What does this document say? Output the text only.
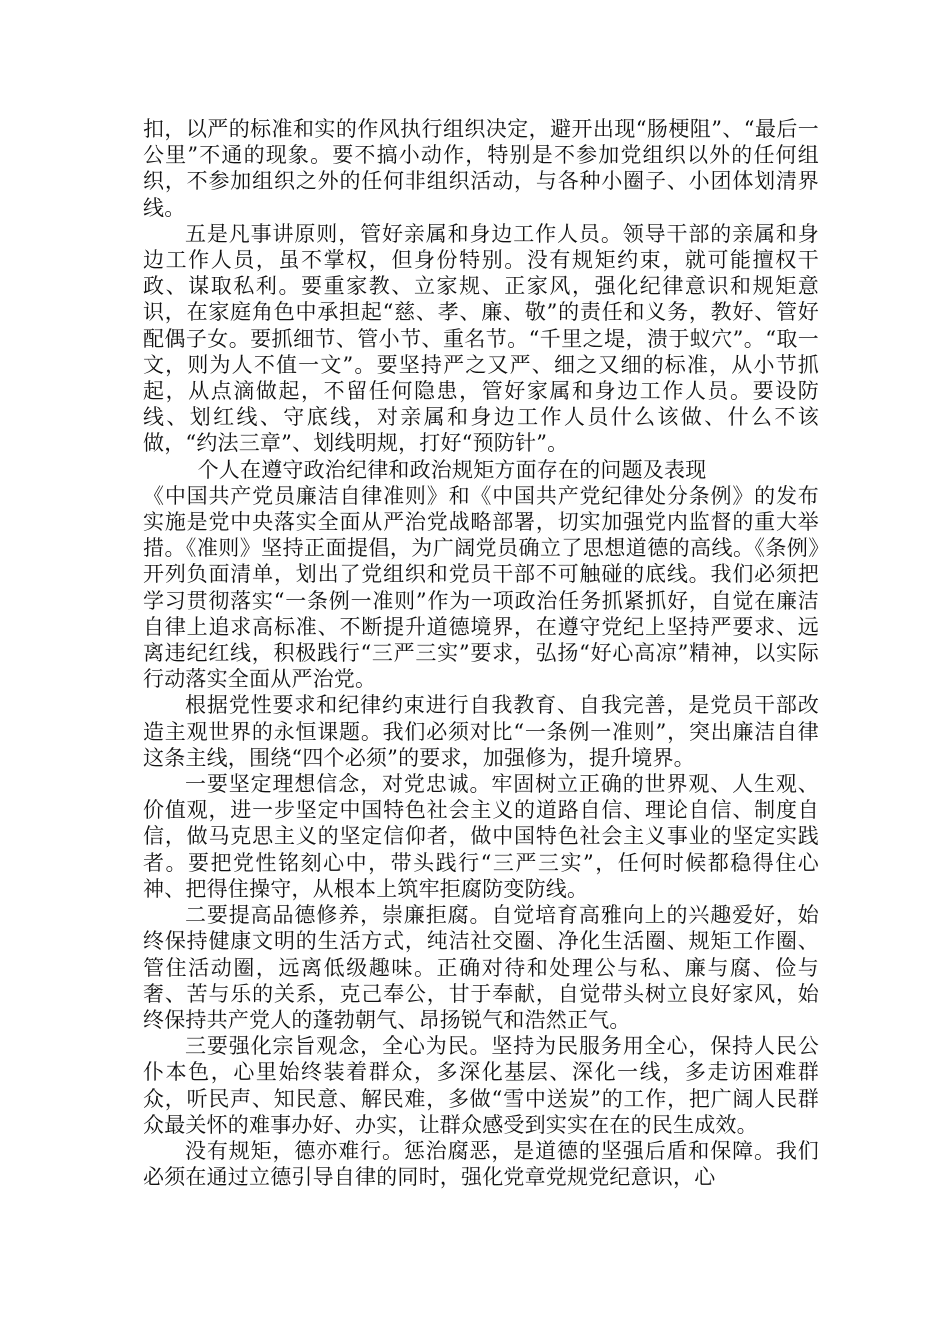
扣，以严的标准和实的作风执行组织决定，避开出现“肠梗阻”、“最后一公里”不通的现象。要不搞小动作，特别是不参加党组织以外的任何组织，不参加组织之外的任何非组织活动，与各种小圈子、小团体划清界线。

五是凡事讲原则，管好亲属和身边工作人员。领导干部的亲属和身边工作人员，虽不掌权，但身份特别。没有规矩约束，就可能擅权干政、谋取私利。要重家教、立家规、正家风，强化纪律意识和规矩意识，在家庭角色中承担起“慈、孝、廉、敬”的责任和义务，教好、管好配偶子女。要抓细节、管小节、重名节。“千里之堤，溃于蚁穴”。“取一文，则为人不值一文”。要坚持严之又严、细之又细的标准，从小节抓起，从点滴做起，不留任何隐患，管好家属和身边工作人员。要设防线、划红线、守底线，对亲属和身边工作人员什么该做、什么不该做，“约法三章”、划线明规，打好“预防针”。

个人在遵守政治纪律和政治规矩方面存在的问题及表现

《中国共产党员廉洁自律准则》和《中国共产党纪律处分条例》的发布实施是党中央落实全面从严治党战略部署，切实加强党内监督的重大举措。《准则》坚持正面提倡，为广阔党员确立了思想道德的高线。《条例》开列负面清单，划出了党组织和党员干部不可触碰的底线。我们必须把学习贯彻落实“一条例一准则”作为一项政治任务抓紧抓好，自觉在廉洁自律上追求高标准、不断提升道德境界，在遵守党纪上坚持严要求、远离违纪红线，积极践行“三严三实”要求，弘扬“好心高凉”精神，以实际行动落实全面从严治党。

根据党性要求和纪律约束进行自我教育、自我完善，是党员干部改造主观世界的永恒课题。我们必须对比“一条例一准则”，突出廉洁自律这条主线，围绕“四个必须”的要求，加强修为，提升境界。

一要坚定理想信念，对党忠诚。牢固树立正确的世界观、人生观、价值观，进一步坚定中国特色社会主义的道路自信、理论自信、制度自信，做马克思主义的坚定信仰者，做中国特色社会主义事业的坚定实践者。要把党性铭刻心中，带头践行“三严三实”，任何时候都稳得住心神、把得住操守，从根本上筑牢拒腐防变防线。

二要提高品德修养，崇廉拒腐。自觉培育高雅向上的兴趣爱好，始终保持健康文明的生活方式，纯洁社交圈、净化生活圈、规矩工作圈、管住活动圈，远离低级趣味。正确对待和处理公与私、廉与腐、俭与奢、苦与乐的关系，克己奉公，甘于奉献，自觉带头树立良好家风，始终保持共产党人的蓬勃朝气、昂扬锐气和浩然正气。

三要强化宗旨观念，全心为民。坚持为民服务用全心，保持人民公仆本色，心里始终装着群众，多深化基层、深化一线，多走访困难群众，听民声、知民意、解民难，多做“雪中送炭”的工作，把广阔人民群众最关怀的难事办好、办实，让群众感受到实实在在的民生成效。

没有规矩，德亦难行。惩治腐恶，是道德的坚强后盾和保障。我们必须在通过立德引导自律的同时，强化党章党规党纪意识，心
